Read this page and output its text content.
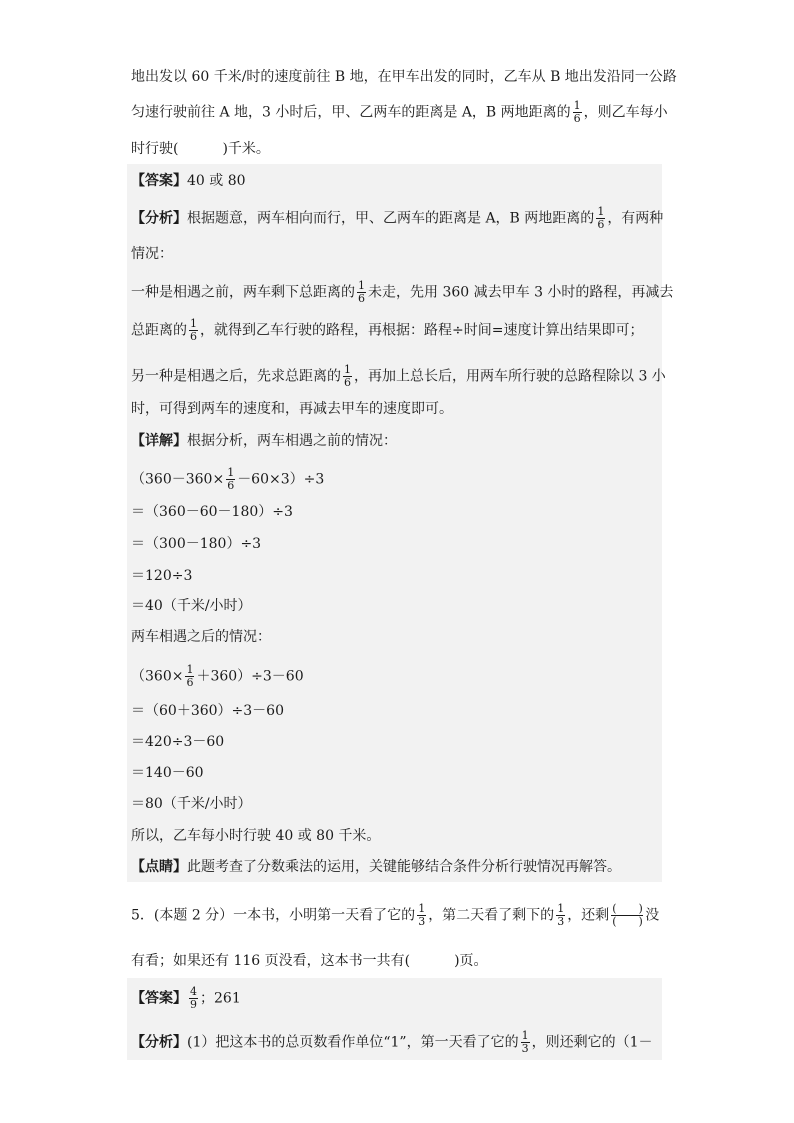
地出发以 60 千米/时的速度前往 B 地，在甲车出发的同时，乙车从 B 地出发沿同一公路
匀速行驶前往 A 地，3 小时后，甲、乙两车的距离是 A，B 两地距离的 $\frac{1}{6}$ ，则乙车每小
时行驶(	)千米。
【答案】40 或 80
【分析】根据题意，两车相向而行，甲、乙两车的距离是 A，B 两地距离的 $\frac{1}{6}$ ，有两种
情况：
一种是相遇之前，两车剩下总距离的 $\frac{1}{6}$ 未走，先用 360 减去甲车 3 小时的路程，再减去
总距离的 $\frac{1}{6}$ ，就得到乙车行驶的路程，再根据：路程÷时间=速度计算出结果即可；
另一种是相遇之后，先求总距离的 $\frac{1}{6}$ ，再加上总长后，用两车所行驶的总路程除以 3 小
时，可得到两车的速度和，再减去甲车的速度即可。
【详解】根据分析，两车相遇之前的情况：
$(360-360\times \frac{1}{6} -60\times 3)\div 3$
＝（360－60－180）÷3
＝（300－180）÷3
＝120÷3
＝40（千米/小时）
两车相遇之后的情况：
$(360\times \frac{1}{6} +360)\div 3-60$
＝（60＋360）÷3－60
＝420÷3－60
＝140－60
＝80（千米/小时）
所以，乙车每小时行驶 40 或 80 千米。
【点睛】此题考查了分数乘法的运用，关键能够结合条件分析行驶情况再解答。
5．(本题 2 分）一本书，小明第一天看了它的 $\frac{1}{3}$ ，第二天看了剩下的 $\frac{1}{3}$ ，还剩 $\frac{( )}{( )}$ 没
有看；如果还有 116 页没看，这本书一共有(	)页。
【答案】 $\frac{4}{9}$ ；261
【分析】(1）把这本书的总页数看作单位“1”，第一天看了它的 $\frac{1}{3}$ ，则还剩它的（1－
